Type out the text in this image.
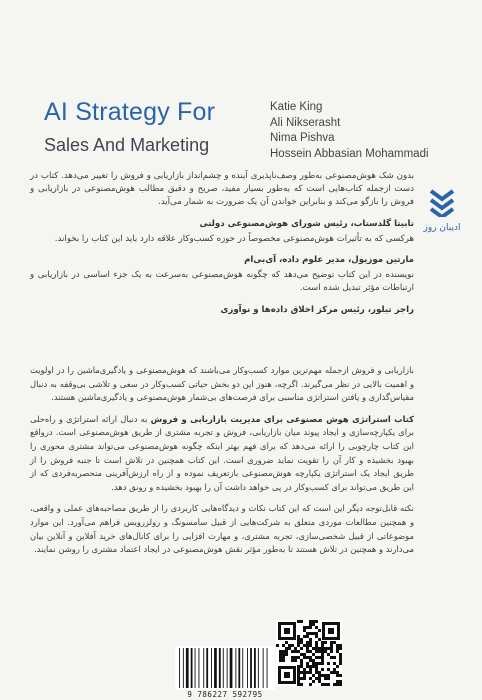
AI Strategy For
Sales And Marketing
Katie King
Ali Nikserasht
Nima Pishva
Hossein Abbasian Mohammadi
ادیبان روز

بدون شک هوش‌مصنوعی به‌طور وصف‌ناپذیری آینده و چشم‌انداز بازاریابی و فروش را تغییر می‌دهد. کتاب در دست ازجمله کتاب‌هایی است که به‌طور بسیار مفید، صریح و دقیق مطالب هوش‌مصنوعی در بازاریابی و فروش را بازگو می‌کند و بنابراین خواندن آن یک ضرورت به شمار می‌آید.

تابیتا گلدستاب، رئیس شورای هوش‌مصنوعی دولتی

هرکسی که به تأثیرات هوش‌مصنوعی مخصوصاً در حوزه کسب‌وکار علاقه دارد باید این کتاب را بخواند.

مارتین موزیول، مدیر علوم داده، آی‌بی‌ام

نویسنده در این کتاب توضیح می‌دهد که چگونه هوش‌مصنوعی به‌سرعت به یک جزء اساسی در بازاریابی و ارتباطات مؤثر تبدیل شده است.

راجر تیلور، رئیس مرکز اخلاق داده‌ها و نوآوری

بازاریابی و فروش ازجمله مهم‌ترین موارد کسب‌وکار می‌باشند که هوش‌مصنوعی و یادگیری‌ماشین را در اولویت و اهمیت بالایی در نظر می‌گیرند. اگرچه، هنوز این دو بخش حیاتی کسب‌وکار در سعی و تلاشی بی‌وقفه به دنبال مقیاس‌گذاری و یافتن استراتژی مناسبی برای فرصت‌های بی‌شمار هوش‌مصنوعی و یادگیری‌ماشین هستند.

کتاب استراتژی هوش مصنوعی برای مدیریت بازاریابی و فروش به دنبال ارائه استراتژی و راه‌حلی برای یکپارچه‌سازی و ایجاد پیوند میان بازاریابی، فروش و تجربه مشتری از طریق هوش‌مصنوعی است. درواقع این کتاب چارچوبی را ارائه می‌دهد که برای فهم بهتر اینکه چگونه هوش‌مصنوعی می‌تواند مشتری محوری را بهبود بخشیده و کار آن را تقویت نماید ضروری است. این کتاب همچنین در تلاش است تا جنبه فروش را از طریق ایجاد یک استراتژی یکپارچه هوش‌مصنوعی بازتعریف نموده و از راه ارزش‌آفرینی منحصربه‌فردی که از این طریق می‌تواند برای کسب‌وکار در پی خواهد داشت آن را بهبود بخشیده و رونق دهد.

نکته قابل‌توجه دیگر این است که این کتاب نکات و دیدگاه‌هایی کاربردی را از طریق مصاحبه‌های عملی و واقعی، و همچنین مطالعات موردی متعلق به شرکت‌هایی از قبیل سامسونگ و رولزرویس فراهم می‌آورد. این موارد موضوعاتی از قبیل شخصی‌سازی، تجربه مشتری، و مهارت افزایی را برای کانال‌های خرید آفلاین و آنلاین بیان می‌دارند و همچنین در تلاش هستند تا به‌طور مؤثر نقش هوش‌مصنوعی در ایجاد اعتماد مشتری را روشن نمایند.

9 786227 592795
